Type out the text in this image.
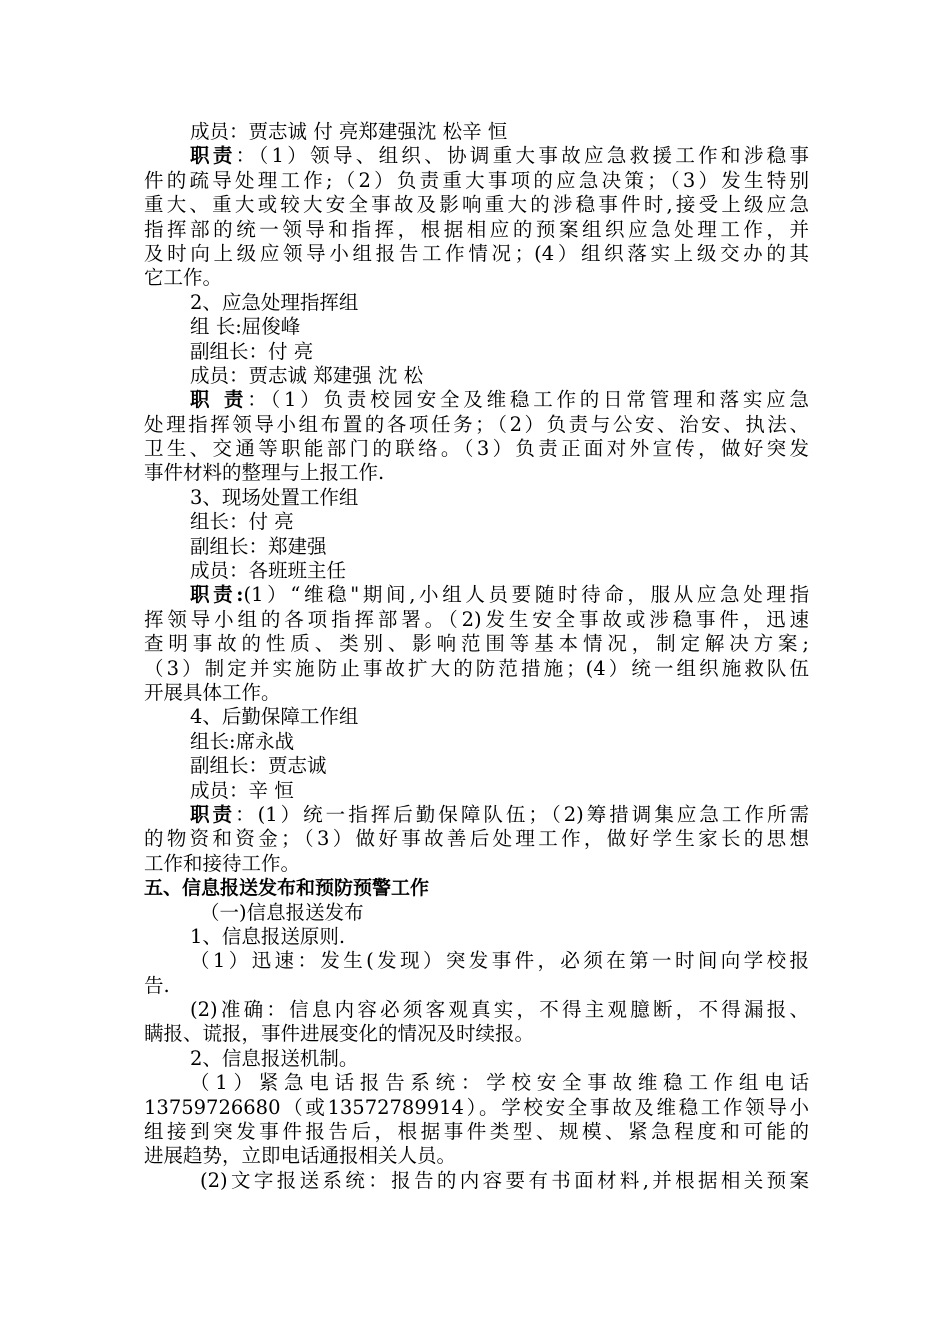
成员：贾志诚 付 亮郑建强沈 松辛 恒
职责：（1）领导、组织、协调重大事故应急救援工作和涉稳事
件的疏导处理工作;（2）负责重大事项的应急决策；（3）发生特别
重大、重大或较大安全事故及影响重大的涉稳事件时,接受上级应急
指挥部的统一领导和指挥，根据相应的预案组织应急处理工作，并
及时向上级应领导小组报告工作情况；(4）组织落实上级交办的其
它工作。
2、应急处理指挥组
组 长:屈俊峰
副组长：付 亮
成员：贾志诚 郑建强 沈 松
职 责：（1）负责校园安全及维稳工作的日常管理和落实应急
处理指挥领导小组布置的各项任务；（2）负责与公安、治安、执法、
卫生、交通等职能部门的联络。（3）负责正面对外宣传，做好突发
事件材料的整理与上报工作.
3、现场处置工作组
组长：付 亮
副组长：郑建强
成员：各班班主任
职责:(1）“维稳"期间,小组人员要随时待命，服从应急处理指
挥领导小组的各项指挥部署。（2)发生安全事故或涉稳事件，迅速
查明事故的性质、类别、影响范围等基本情况，制定解决方案;
（3）制定并实施防止事故扩大的防范措施；(4）统一组织施救队伍
开展具体工作。
4、后勤保障工作组
组长:席永战
副组长：贾志诚
成员：辛 恒
职责：(1）统一指挥后勤保障队伍；（2)筹措调集应急工作所需
的物资和资金；（3）做好事故善后处理工作，做好学生家长的思想
工作和接待工作。
五、信息报送发布和预防预警工作
（一)信息报送发布
1、信息报送原则.
（1）迅速：发生(发现）突发事件，必须在第一时间向学校报
告.
(2)准确：信息内容必须客观真实，不得主观臆断，不得漏报、
瞒报、谎报，事件进展变化的情况及时续报。
2、信息报送机制。
（1）紧急电话报告系统：学校安全事故维稳工作组电话
13759726680（或13572789914）。学校安全事故及维稳工作领导小
组接到突发事件报告后，根据事件类型、规模、紧急程度和可能的
进展趋势，立即电话通报相关人员。
(2)文字报送系统：报告的内容要有书面材料,并根据相关预案
